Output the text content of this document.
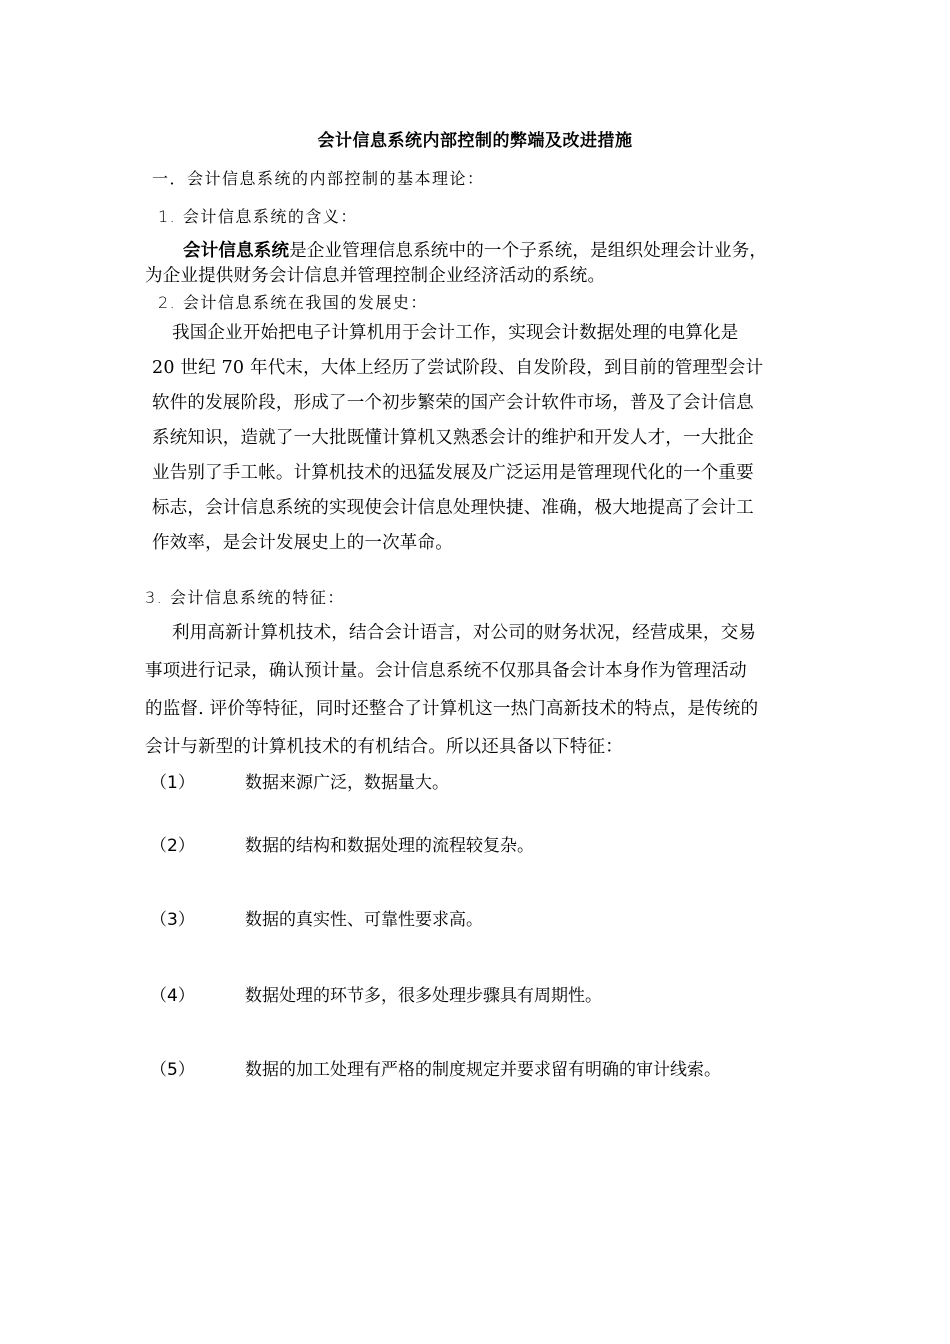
会计信息系统内部控制的弊端及改进措施
一．会计信息系统的内部控制的基本理论：
1. 会计信息系统的含义：

会计信息系统是企业管理信息系统中的一个子系统，是组织处理会计业务，

为企业提供财务会计信息并管理控制企业经济活动的系统。

2. 会计信息系统在我国的发展史：

我国企业开始把电子计算机用于会计工作，实现会计数据处理的电算化是

20 世纪 70 年代末，大体上经历了尝试阶段、自发阶段，到目前的管理型会计

软件的发展阶段，形成了一个初步繁荣的国产会计软件市场，普及了会计信息

系统知识，造就了一大批既懂计算机又熟悉会计的维护和开发人才，一大批企

业告别了手工帐。计算机技术的迅猛发展及广泛运用是管理现代化的一个重要

标志，会计信息系统的实现使会计信息处理快捷、准确，极大地提高了会计工

作效率，是会计发展史上的一次革命。

3. 会计信息系统的特征：

利用高新计算机技术，结合会计语言，对公司的财务状况，经营成果，交易

事项进行记录，确认预计量。会计信息系统不仅那具备会计本身作为管理活动

的监督. 评价等特征，同时还整合了计算机这一热门高新技术的特点，是传统的

会计与新型的计算机技术的有机结合。所以还具备以下特征：

（1）	数据来源广泛，数据量大。
（2）	数据的结构和数据处理的流程较复杂。
（3）	数据的真实性、可靠性要求高。
（4）	数据处理的环节多，很多处理步骤具有周期性。
（5）	数据的加工处理有严格的制度规定并要求留有明确的审计线索。
